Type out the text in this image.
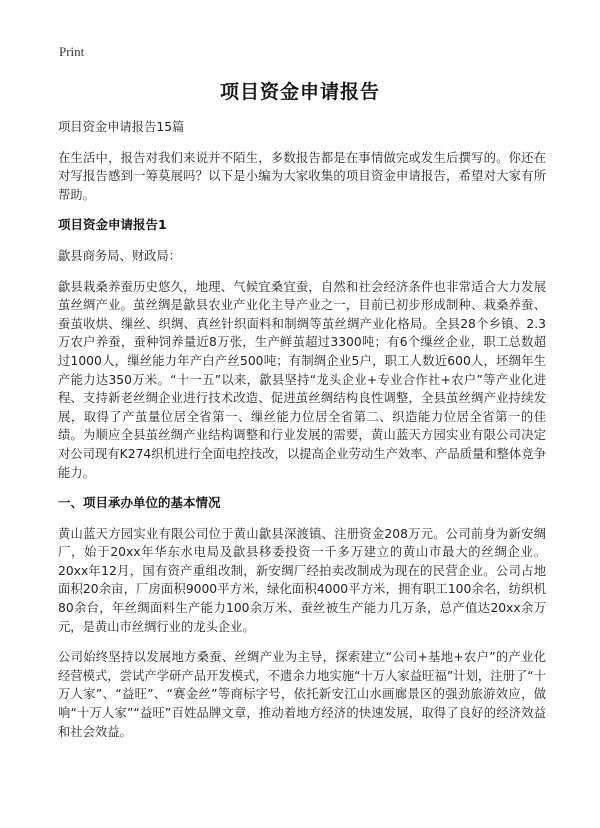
Print
项目资金申请报告

项目资金申请报告15篇

在生活中，报告对我们来说并不陌生，多数报告都是在事情做完或发生后撰写的。你还在对写报告感到一筹莫展吗？以下是小编为大家收集的项目资金申请报告，希望对大家有所帮助。

项目资金申请报告1

歙县商务局、财政局：

歙县栽桑养蚕历史悠久，地理、气候宜桑宜蚕，自然和社会经济条件也非常适合大力发展茧丝绸产业。茧丝绸是歙县农业产业化主导产业之一，目前已初步形成制种、栽桑养蚕、蚕茧收烘、缫丝、织绸、真丝针织面料和制绸等茧丝绸产业化格局。全县28个乡镇、2.3万农户养蚕，蚕种饲养量近8万张，生产鲜茧超过3300吨；有6个缫丝企业，职工总数超过1000人，缫丝能力年产白产丝500吨；有制绸企业5户，职工人数近600人，坯绸年生产能力达350万米。“十一五”以来，歙县坚持“龙头企业+专业合作社+农户”等产业化进程、支持新老丝绸企业进行技术改造、促进茧丝绸结构良性调整，全县茧丝绸产业持续发展，取得了产茧量位居全省第一、缫丝能力位居全省第二、织造能力位居全省第一的佳绩。为顺应全县茧丝绸产业结构调整和行业发展的需要，黄山蓝天方园实业有限公司决定对公司现有K274织机进行全面电控技改，以提高企业劳动生产效率、产品质量和整体竞争能力。

一、项目承办单位的基本情况

黄山蓝天方园实业有限公司位于黄山歙县深渡镇、注册资金208万元。公司前身为新安绸厂，始于20xx年华东水电局及歙县移委投资一千多万建立的黄山市最大的丝绸企业。20xx年12月，国有资产重组改制，新安绸厂经拍卖改制成为现在的民营企业。公司占地面积20余亩，厂房面积9000平方米，绿化面积4000平方米，拥有职工100余名，纺织机80余台，年丝绸面料生产能力100余万米、蚕丝被生产能力几万条，总产值达20xx余万元，是黄山市丝绸行业的龙头企业。

公司始终坚持以发展地方桑蚕、丝绸产业为主导，探索建立“公司+基地+农户”的产业化经营模式，尝试产学研产品开发模式，不遗余力地实施“十万人家益旺福”计划，注册了“十万人家”、“益旺”、“赛金丝”等商标字号，依托新安江山水画廊景区的强劲旅游效应，做响“十万人家”“益旺”百姓品牌文章，推动着地方经济的快速发展，取得了良好的经济效益和社会效益。
